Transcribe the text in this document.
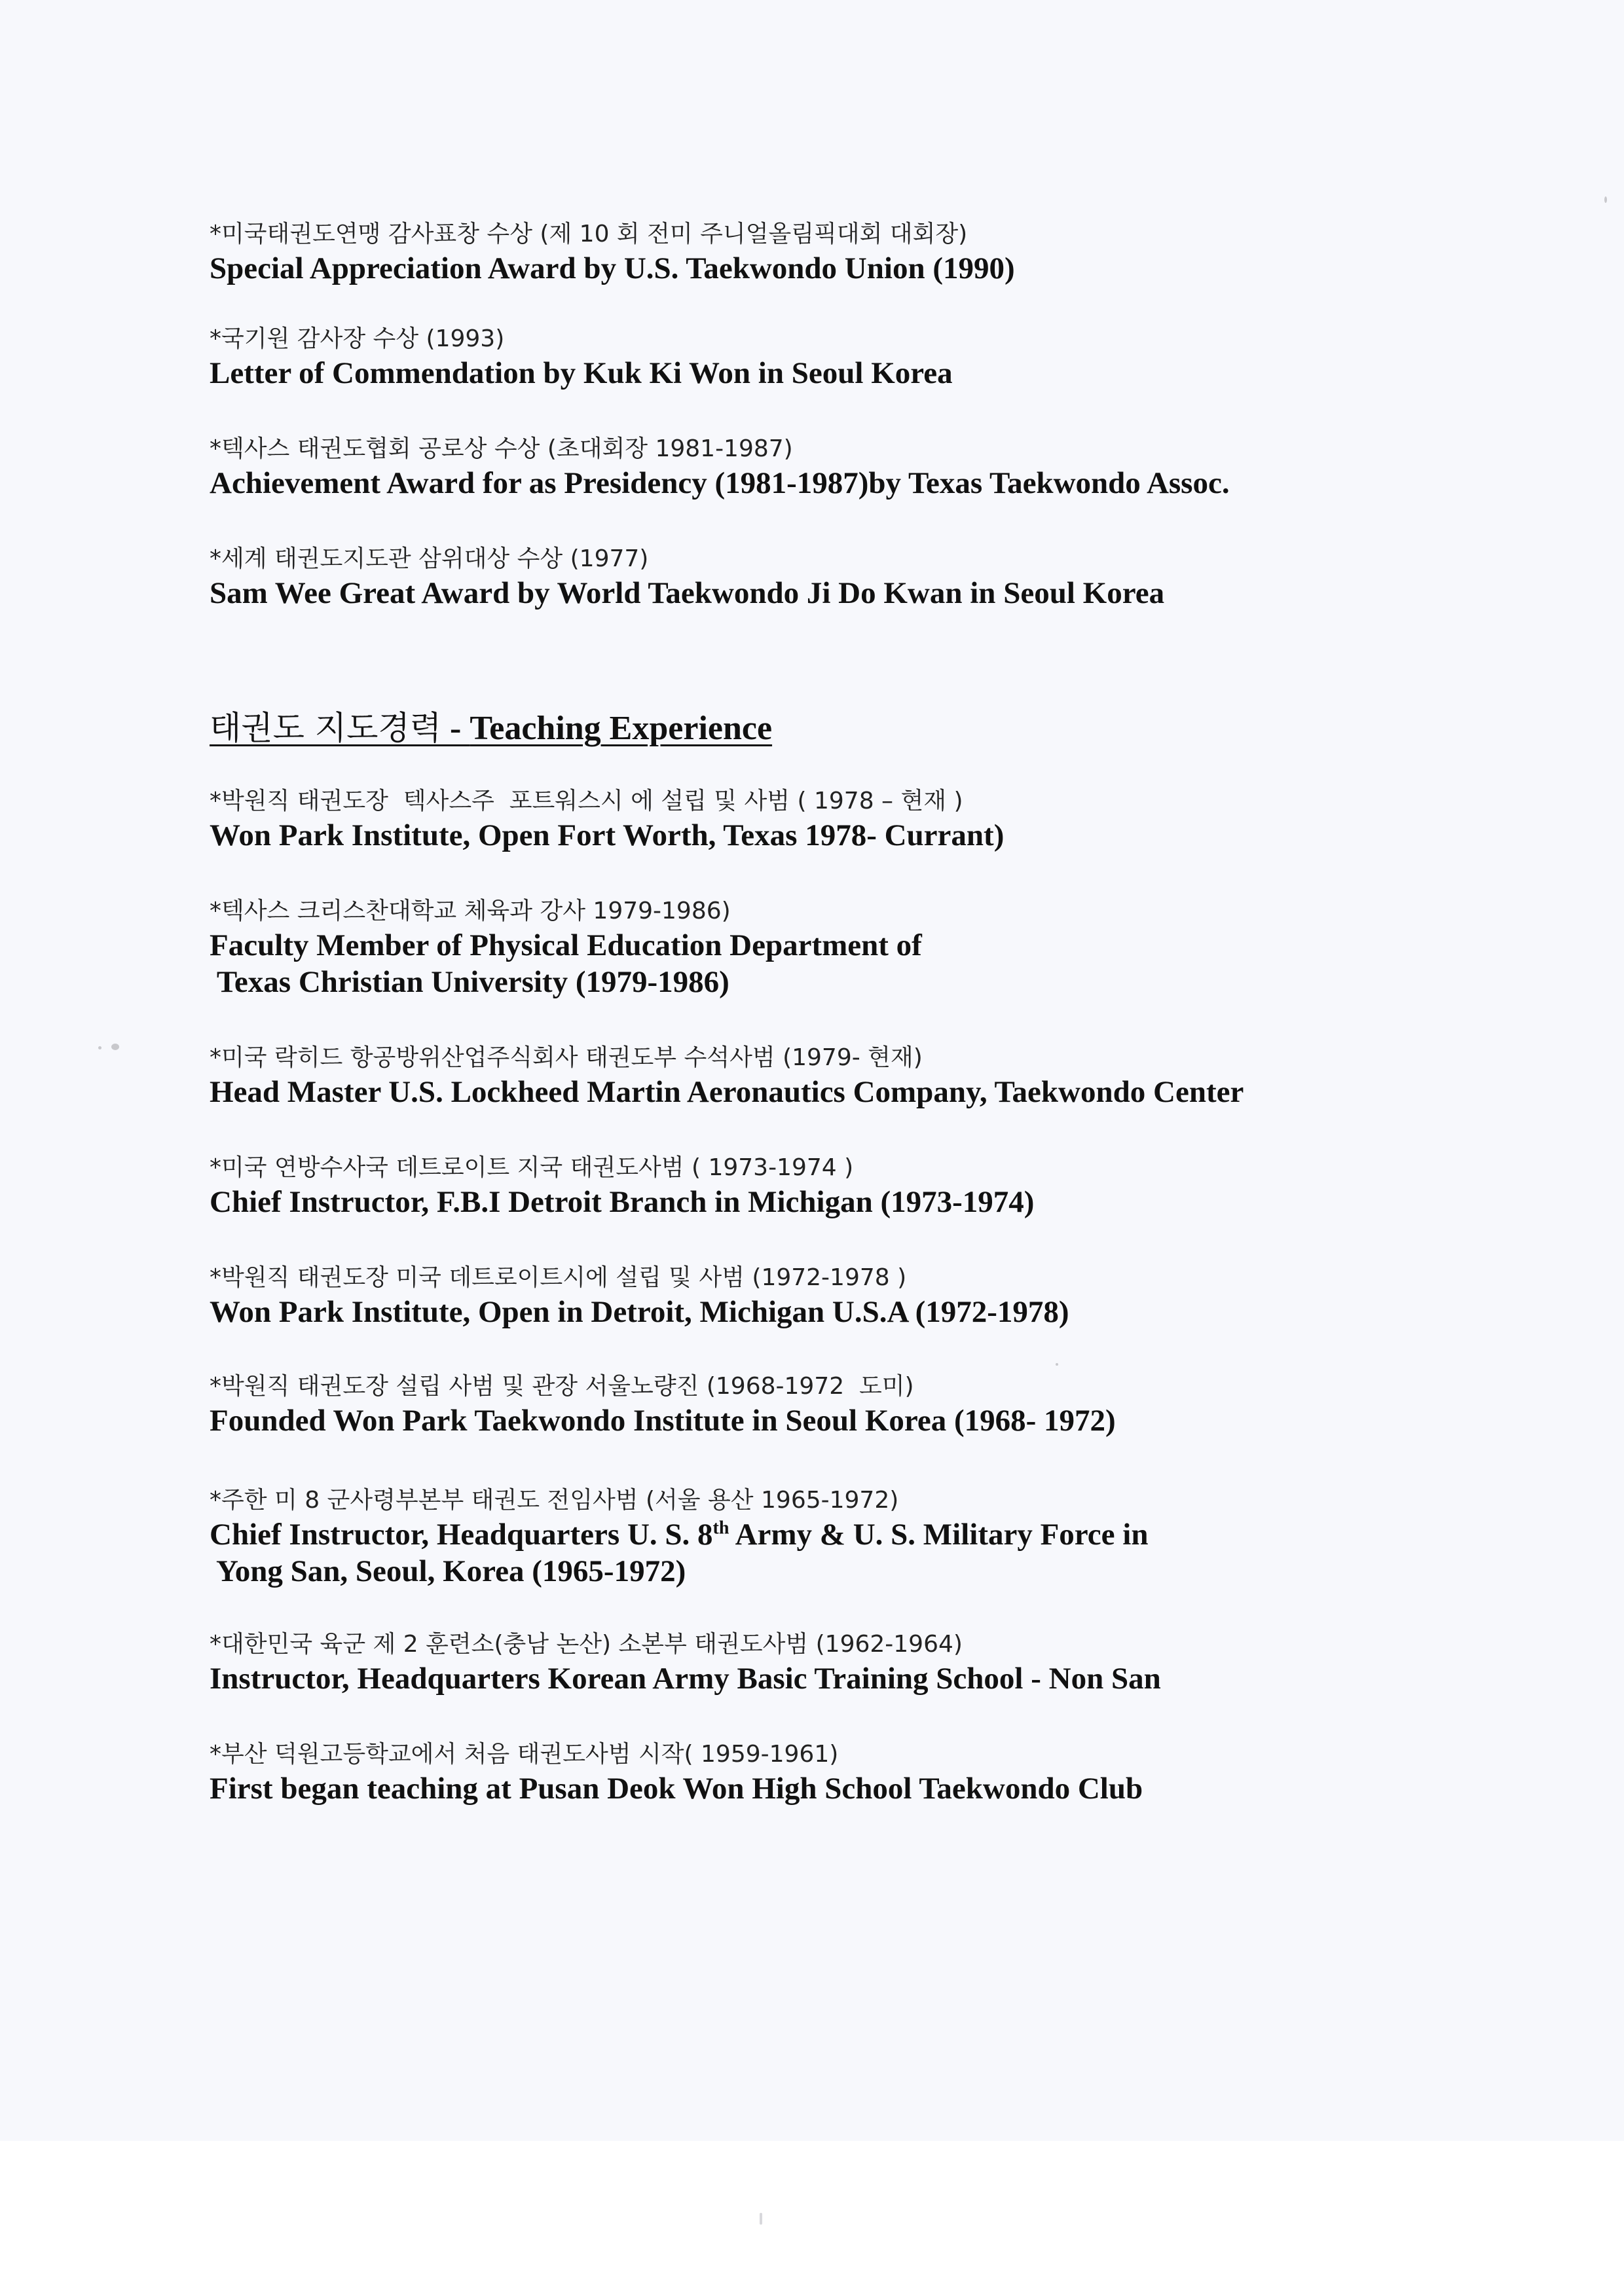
*미국태권도연맹 감사표창 수상 (제 10 회 전미 주니얼올림픽대회 대회장)
Special Appreciation Award by U.S. Taekwondo Union (1990)
*국기원 감사장 수상 (1993)
Letter of Commendation by Kuk Ki Won in Seoul Korea
*텍사스 태권도협회 공로상 수상 (초대회장 1981-1987)
Achievement Award for as Presidency (1981-1987)by Texas Taekwondo Assoc.
*세계 태권도지도관 삼위대상 수상 (1977)
Sam Wee Great Award by World Taekwondo Ji Do Kwan in Seoul Korea
태권도 지도경력 - Teaching Experience
*박원직 태권도장  텍사스주  포트워스시 에 설립 및 사범 ( 1978 – 현재 )
Won Park Institute, Open Fort Worth, Texas 1978- Currant)
*텍사스 크리스찬대학교 체육과 강사 1979-1986)
Faculty Member of Physical Education Department of
Texas Christian University (1979-1986)
*미국 락히드 항공방위산업주식회사 태권도부 수석사범 (1979- 현재)
Head Master U.S. Lockheed Martin Aeronautics Company, Taekwondo Center
*미국 연방수사국 데트로이트 지국 태권도사범 ( 1973-1974 )
Chief Instructor, F.B.I Detroit Branch in Michigan (1973-1974)
*박원직 태권도장 미국 데트로이트시에 설립 및 사범 (1972-1978 )
Won Park Institute, Open in Detroit, Michigan U.S.A (1972-1978)
*박원직 태권도장 설립 사범 및 관장 서울노량진 (1968-1972  도미)
Founded Won Park Taekwondo Institute in Seoul Korea (1968- 1972)
*주한 미 8 군사령부본부 태권도 전임사범 (서울 용산 1965-1972)
Chief Instructor, Headquarters U. S. 8th Army & U. S. Military Force in
Yong San, Seoul, Korea (1965-1972)
*대한민국 육군 제 2 훈련소(충남 논산) 소본부 태권도사범 (1962-1964)
Instructor, Headquarters Korean Army Basic Training School - Non San
*부산 덕원고등학교에서 처음 태권도사범 시작( 1959-1961)
First began teaching at Pusan Deok Won High School Taekwondo Club
